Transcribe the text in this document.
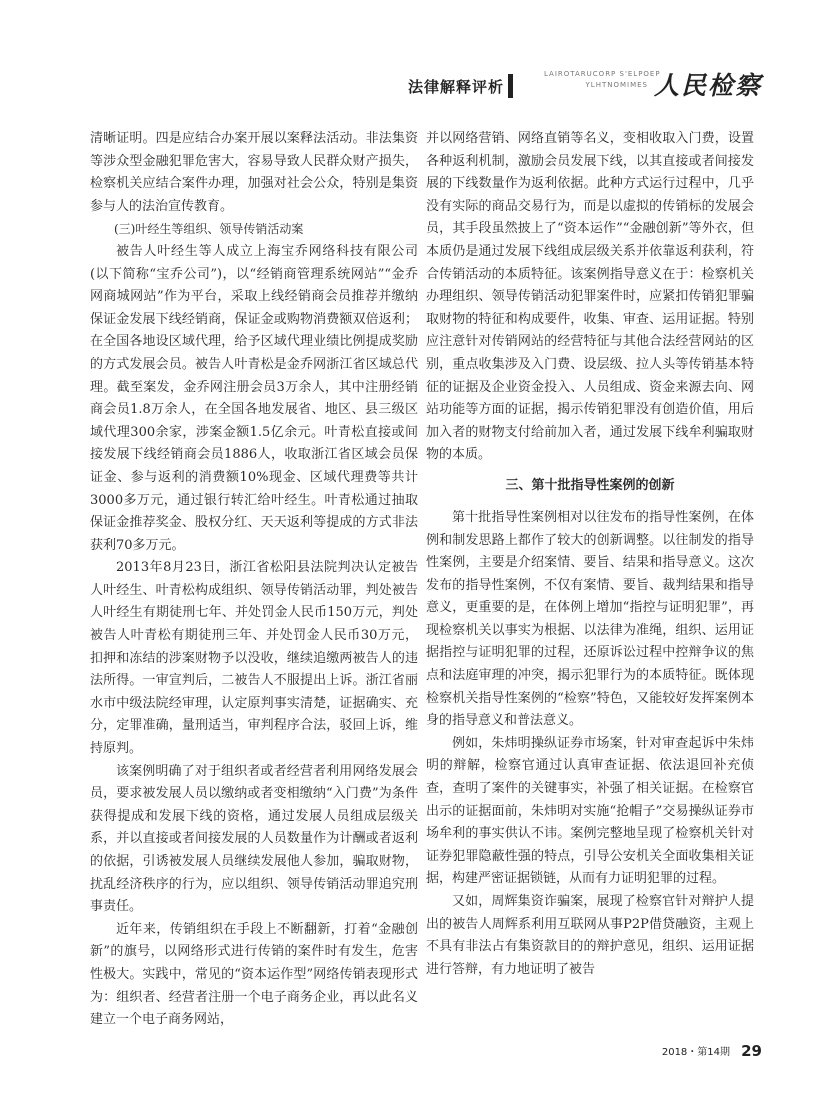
法律解释评析
LAIROTARUCORP S'ELPOEP
YLHTNOMIMES 人民检察

清晰证明。四是应结合办案开展以案释法活动。非法集资等涉众型金融犯罪危害大，容易导致人民群众财产损失，检察机关应结合案件办理，加强对社会公众，特别是集资参与人的法治宣传教育。

(三)叶经生等组织、领导传销活动案

被告人叶经生等人成立上海宝乔网络科技有限公司(以下简称“宝乔公司”)，以“经销商管理系统网站”“金乔网商城网站”作为平台，采取上线经销商会员推荐并缴纳保证金发展下线经销商，保证金或购物消费额双倍返利；在全国各地设区域代理，给予区域代理业绩比例提成奖励的方式发展会员。被告人叶青松是金乔网浙江省区域总代理。截至案发，金乔网注册会员3万余人，其中注册经销商会员1.8万余人，在全国各地发展省、地区、县三级区域代理300余家，涉案金额1.5亿余元。叶青松直接或间接发展下线经销商会员1886人，收取浙江省区域会员保证金、参与返利的消费额10%现金、区域代理费等共计3000多万元，通过银行转汇给叶经生。叶青松通过抽取保证金推荐奖金、股权分红、天天返利等提成的方式非法获利70多万元。

2013年8月23日，浙江省松阳县法院判决认定被告人叶经生、叶青松构成组织、领导传销活动罪，判处被告人叶经生有期徒刑七年、并处罚金人民币150万元，判处被告人叶青松有期徒刑三年、并处罚金人民币30万元，扣押和冻结的涉案财物予以没收，继续追缴两被告人的违法所得。一审宣判后，二被告人不服提出上诉。浙江省丽水市中级法院经审理，认定原判事实清楚，证据确实、充分，定罪准确，量刑适当，审判程序合法，驳回上诉，维持原判。

该案例明确了对于组织者或者经营者利用网络发展会员，要求被发展人员以缴纳或者变相缴纳“入门费”为条件获得提成和发展下线的资格，通过发展人员组成层级关系，并以直接或者间接发展的人员数量作为计酬或者返利的依据，引诱被发展人员继续发展他人参加，骗取财物，扰乱经济秩序的行为，应以组织、领导传销活动罪追究刑事责任。

近年来，传销组织在手段上不断翻新，打着“金融创新”的旗号，以网络形式进行传销的案件时有发生，危害性极大。实践中，常见的“资本运作型”网络传销表现形式为：组织者、经营者注册一个电子商务企业，再以此名义建立一个电子商务网站，

并以网络营销、网络直销等名义，变相收取入门费，设置各种返利机制，激励会员发展下线，以其直接或者间接发展的下线数量作为返利依据。此种方式运行过程中，几乎没有实际的商品交易行为，而是以虚拟的传销标的发展会员，其手段虽然披上了“资本运作”“金融创新”等外衣，但本质仍是通过发展下线组成层级关系并依靠返利获利，符合传销活动的本质特征。该案例指导意义在于：检察机关办理组织、领导传销活动犯罪案件时，应紧扣传销犯罪骗取财物的特征和构成要件，收集、审查、运用证据。特别应注意针对传销网站的经营特征与其他合法经营网站的区别，重点收集涉及入门费、设层级、拉人头等传销基本特征的证据及企业资金投入、人员组成、资金来源去向、网站功能等方面的证据，揭示传销犯罪没有创造价值，用后加入者的财物支付给前加入者，通过发展下线牟利骗取财物的本质。

三、第十批指导性案例的创新

第十批指导性案例相对以往发布的指导性案例，在体例和制发思路上都作了较大的创新调整。以往制发的指导性案例，主要是介绍案情、要旨、结果和指导意义。这次发布的指导性案例，不仅有案情、要旨、裁判结果和指导意义，更重要的是，在体例上增加“指控与证明犯罪”，再现检察机关以事实为根据、以法律为准绳，组织、运用证据指控与证明犯罪的过程，还原诉讼过程中控辩争议的焦点和法庭审理的冲突，揭示犯罪行为的本质特征。既体现检察机关指导性案例的“检察”特色，又能较好发挥案例本身的指导意义和普法意义。

例如，朱炜明操纵证券市场案，针对审查起诉中朱炜明的辩解，检察官通过认真审查证据、依法退回补充侦查，查明了案件的关键事实，补强了相关证据。在检察官出示的证据面前，朱炜明对实施“抢帽子”交易操纵证券市场牟利的事实供认不讳。案例完整地呈现了检察机关针对证券犯罪隐蔽性强的特点，引导公安机关全面收集相关证据，构建严密证据锁链，从而有力证明犯罪的过程。

又如，周辉集资诈骗案，展现了检察官针对辩护人提出的被告人周辉系利用互联网从事P2P借贷融资，主观上不具有非法占有集资款目的的辩护意见，组织、运用证据进行答辩，有力地证明了被告

2018・第14期 29
